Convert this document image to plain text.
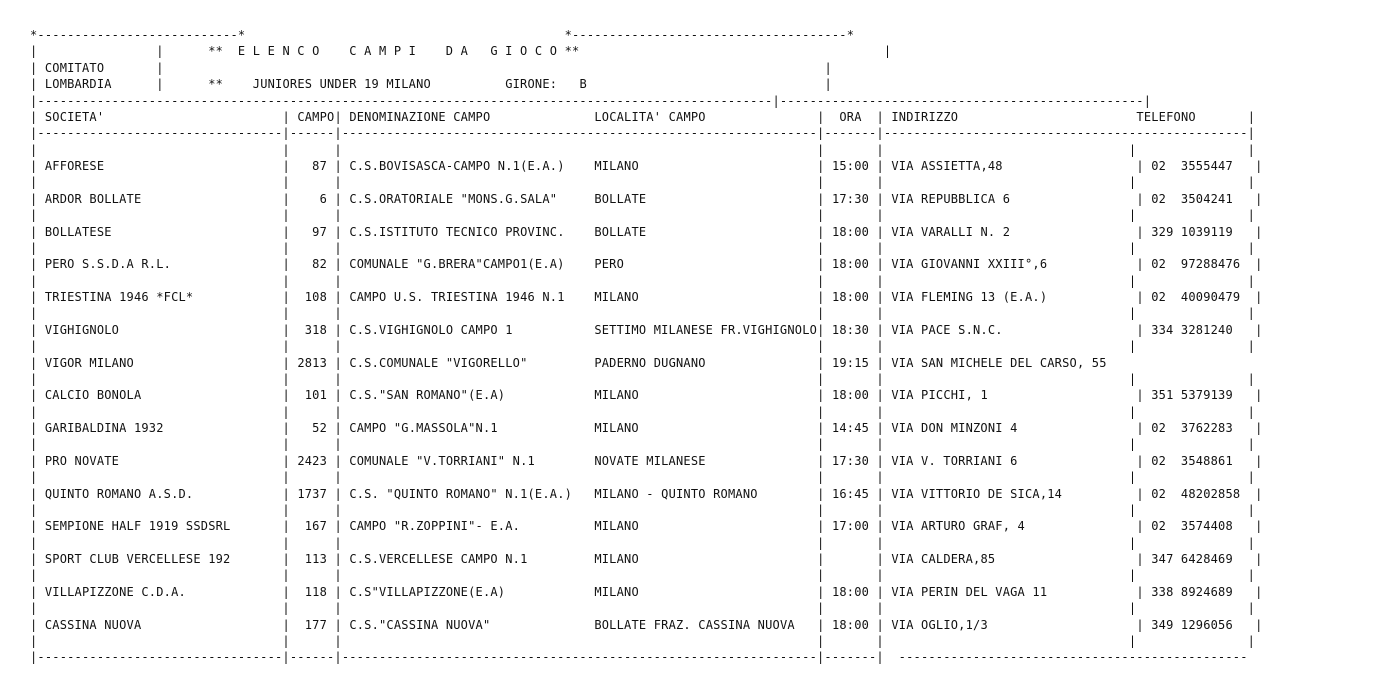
*---------------------------*                                           *-------------------------------------*
|                |      **  E L E N C O    C A M P I    D A   G I O C O **                                         |
| COMITATO       |                                                                                         |
| LOMBARDIA      |      **    JUNIORES UNDER 19 MILANO          GIRONE:   B                                |
|---------------------------------------------------------------------------------------------------|-------------------------------------------------|
| SOCIETA'	| CAMPO| DENOMINAZIONE CAMPO	LOCALITA' CAMPO	|  ORA  | INDIRIZZO	TELEFONO       |
|---------------------------------|------|----------------------------------------------------------------|-------|-------------------------------------------------|
|                                 |      |                                                                |       |                                 |               |
| AFFORESE	|   87 | C.S.BOVISASCA-CAMPO N.1(E.A.)    MILANO                        | 15:00 | VIA ASSIETTA,48                  | 02  3555447   |
|                                 |      |                                                                |       |                                 |               |
| ARDOR BOLLATE	|    6 | C.S.ORATORIALE "MONS.G.SALA"     BOLLATE                       | 17:30 | VIA REPUBBLICA 6                 | 02  3504241   |
|                                 |      |                                                                |       |                                 |               |
| BOLLATESE	|   97 | C.S.ISTITUTO TECNICO PROVINC.    BOLLATE                       | 18:00 | VIA VARALLI N. 2                 | 329 1039119   |
|                                 |      |                                                                |       |                                 |               |
| PERO S.S.D.A R.L.	|   82 | COMUNALE "G.BRERA"CAMPO1(E.A)    PERO                          | 18:00 | VIA GIOVANNI XXIII°,6            | 02  97288476  |
|                                 |      |                                                                |       |                                 |               |
| TRIESTINA 1946 *FCL*	|  108 | CAMPO U.S. TRIESTINA 1946 N.1    MILANO                        | 18:00 | VIA FLEMING 13 (E.A.)            | 02  40090479  |
|                                 |      |                                                                |       |                                 |               |
| VIGHIGNOLO	|  318 | C.S.VIGHIGNOLO CAMPO 1           SETTIMO MILANESE FR.VIGHIGNOLO| 18:30 | VIA PACE S.N.C.                  | 334 3281240   |
|                                 |      |                                                                |       |                                 |               |
| VIGOR MILANO	| 2813 | C.S.COMUNALE "VIGORELLO"         PADERNO DUGNANO               | 19:15 | VIA SAN MICHELE DEL CARSO, 55
|                                 |      |                                                                |       |                                 |               |
| CALCIO BONOLA	|  101 | C.S."SAN ROMANO"(E.A)            MILANO                        | 18:00 | VIA PICCHI, 1                    | 351 5379139   |
|                                 |      |                                                                |       |                                 |               |
| GARIBALDINA 1932	|   52 | CAMPO "G.MASSOLA"N.1             MILANO                        | 14:45 | VIA DON MINZONI 4                | 02  3762283   |
|                                 |      |                                                                |       |                                 |               |
| PRO NOVATE	| 2423 | COMUNALE "V.TORRIANI" N.1        NOVATE MILANESE               | 17:30 | VIA V. TORRIANI 6                | 02  3548861   |
|                                 |      |                                                                |       |                                 |               |
| QUINTO ROMANO A.S.D.	| 1737 | C.S. "QUINTO ROMANO" N.1(E.A.)   MILANO - QUINTO ROMANO        | 16:45 | VIA VITTORIO DE SICA,14          | 02  48202858  |
|                                 |      |                                                                |       |                                 |               |
| SEMPIONE HALF 1919 SSDSRL	|  167 | CAMPO "R.ZOPPINI"- E.A.          MILANO                        | 17:00 | VIA ARTURO GRAF, 4               | 02  3574408   |
|                                 |      |                                                                |       |                                 |               |
| SPORT CLUB VERCELLESE 192	|  113 | C.S.VERCELLESE CAMPO N.1         MILANO                        |	| VIA CALDERA,85                   | 347 6428469   |
|                                 |      |                                                                |       |                                 |               |
| VILLAPIZZONE C.D.A.	|  118 | C.S"VILLAPIZZONE(E.A)            MILANO                        | 18:00 | VIA PERIN DEL VAGA 11            | 338 8924689   |
|                                 |      |                                                                |       |                                 |               |
| CASSINA NUOVA	|  177 | C.S."CASSINA NUOVA"              BOLLATE FRAZ. CASSINA NUOVA   | 18:00 | VIA OGLIO,1/3                    | 349 1296056   |
|                                 |      |                                                                |       |                                 |               |
|---------------------------------|------|----------------------------------------------------------------|-------|  -----------------------------------------------
